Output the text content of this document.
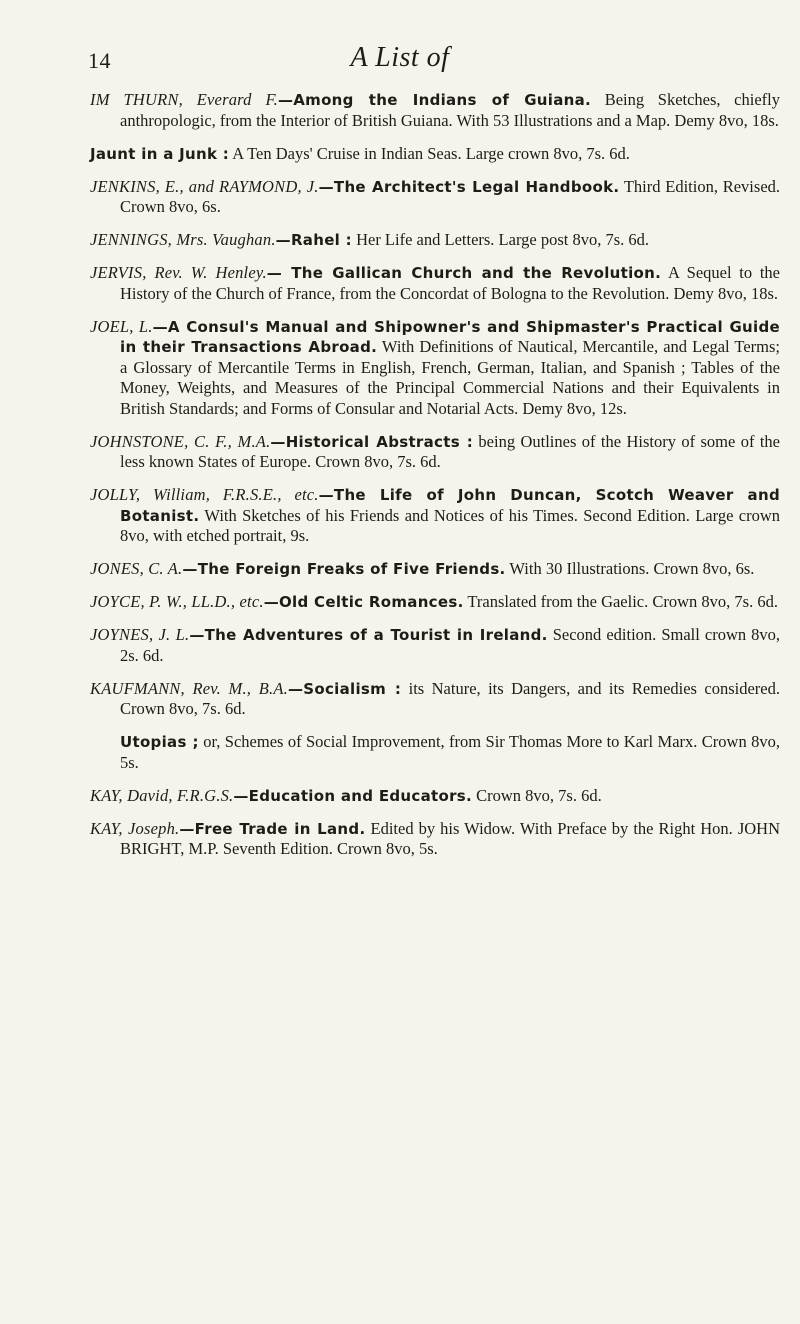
14	A List of

IM THURN, Everard F.—Among the Indians of Guiana. Being Sketches, chiefly anthropologic, from the Interior of British Guiana. With 53 Illustrations and a Map. Demy 8vo, 18s.

Jaunt in a Junk : A Ten Days' Cruise in Indian Seas. Large crown 8vo, 7s. 6d.

JENKINS, E., and RAYMOND, J.—The Architect's Legal Handbook. Third Edition, Revised. Crown 8vo, 6s.

JENNINGS, Mrs. Vaughan.—Rahel : Her Life and Letters. Large post 8vo, 7s. 6d.

JERVIS, Rev. W. Henley.— The Gallican Church and the Revolution. A Sequel to the History of the Church of France, from the Concordat of Bologna to the Revolution. Demy 8vo, 18s.

JOEL, L.—A Consul's Manual and Shipowner's and Shipmaster's Practical Guide in their Transactions Abroad. With Definitions of Nautical, Mercantile, and Legal Terms; a Glossary of Mercantile Terms in English, French, German, Italian, and Spanish ; Tables of the Money, Weights, and Measures of the Principal Commercial Nations and their Equivalents in British Standards; and Forms of Consular and Notarial Acts. Demy 8vo, 12s.

JOHNSTONE, C. F., M.A.—Historical Abstracts : being Outlines of the History of some of the less known States of Europe. Crown 8vo, 7s. 6d.

JOLLY, William, F.R.S.E., etc.—The Life of John Duncan, Scotch Weaver and Botanist. With Sketches of his Friends and Notices of his Times. Second Edition. Large crown 8vo, with etched portrait, 9s.

JONES, C. A.—The Foreign Freaks of Five Friends. With 30 Illustrations. Crown 8vo, 6s.

JOYCE, P. W., LL.D., etc.—Old Celtic Romances. Translated from the Gaelic. Crown 8vo, 7s. 6d.

JOYNES, J. L.—The Adventures of a Tourist in Ireland. Second edition. Small crown 8vo, 2s. 6d.

KAUFMANN, Rev. M., B.A.—Socialism : its Nature, its Dangers, and its Remedies considered. Crown 8vo, 7s. 6d.

Utopias ; or, Schemes of Social Improvement, from Sir Thomas More to Karl Marx. Crown 8vo, 5s.

KAY, David, F.R.G.S.—Education and Educators. Crown 8vo, 7s. 6d.

KAY, Joseph.—Free Trade in Land. Edited by his Widow. With Preface by the Right Hon. JOHN BRIGHT, M.P. Seventh Edition. Crown 8vo, 5s.
